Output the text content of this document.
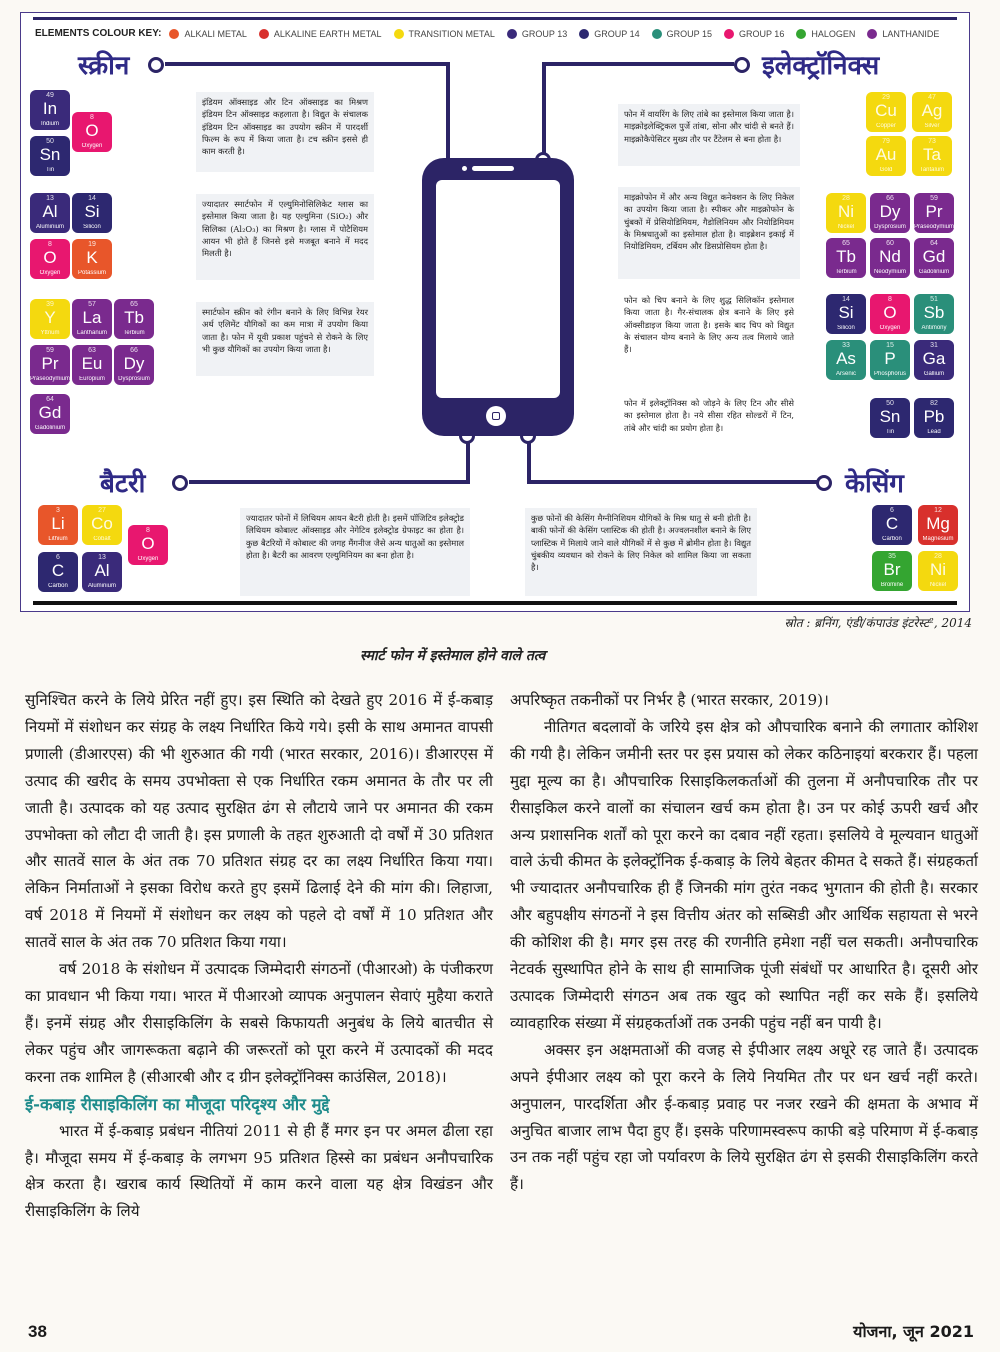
ELEMENTS COLOUR KEY:	ALKALI METAL	ALKALINE EARTH METAL	TRANSITION METAL	GROUP 13	GROUP 14	GROUP 15	GROUP 16	HALOGEN	LANTHANIDE
स्क्रीन	इलेक्ट्रॉनिक्स
बैटरी	केसिंग
इंडियम ऑक्साइड और टिन ऑक्साइड का मिश्रण इंडियम टिन ऑक्साइड कहलाता है। विद्युत के संचालक इंडियम टिन ऑक्साइड का उपयोग स्क्रीन में पारदर्शी फिल्म के रूप में किया जाता है। टच स्क्रीन इससे ही काम करती है।
ज्यादातर स्मार्टफोन में एल्युमिनोसिलिकेट ग्लास का इस्तेमाल किया जाता है। यह एल्युमिना (SiO₂) और सिलिका (Al₂O₃) का मिश्रण है। ग्लास में पोटैशियम आयन भी होते हैं जिनसे इसे मजबूत बनाने में मदद मिलती है।
स्मार्टफोन स्क्रीन को रंगीन बनाने के लिए विभिन्न रेयर अर्थ एलिमेंट यौगिकों का कम मात्रा में उपयोग किया जाता है। फोन में यूवी प्रकाश पहुंचने से रोकने के लिए भी कुछ यौगिकों का उपयोग किया जाता है।
फोन में वायरिंग के लिए तांबे का इस्तेमाल किया जाता है। माइक्रोइलेक्ट्रिकल पुर्जे तांबा, सोना और चांदी से बनते हैं। माइक्रोकैपेसिटर मुख्य तौर पर टैंटेलम से बना होता है।
माइक्रोफोन में और अन्य विद्युत कनेक्शन के लिए निकेल का उपयोग किया जाता है। स्पीकर और माइक्रोफोन के चुंबकों में प्रेसियोडिमियम, गैडोलिनियम और नियोडिमियम के मिश्रधातुओं का इस्तेमाल होता है। वाइब्रेशन इकाई में नियोडिमियम, टर्बियम और डिसप्रोसियम होता है।
फोन को चिप बनाने के लिए शुद्ध सिलिकॉन इस्तेमाल किया जाता है। गैर-संचालक क्षेत्र बनाने के लिए इसे ऑक्सीडाइज किया जाता है। इसके बाद चिप को विद्युत के संचालन योग्य बनाने के लिए अन्य तत्व मिलाये जाते हैं।
फोन में इलेक्ट्रॉनिक्स को जोड़ने के लिए टिन और सीसे का इस्तेमाल होता है। नये सीसा रहित सोल्डरों में टिन, तांबे और चांदी का प्रयोग होता है।
ज्यादातर फोनों में लिथियम आयन बैटरी होती है। इसमें पॉजिटिव इलेक्ट्रोड लिथियम कोबाल्ट ऑक्साइड और नेगेटिव इलेक्ट्रोड ग्रेफाइट का होता है। कुछ बैटरियों में कोबाल्ट की जगह मैंगनीज जैसे अन्य धातुओं का इस्तेमाल होता है। बैटरी का आवरण एल्युमिनियम का बना होता है।
कुछ फोनों की केसिंग मैग्नीनिशियम यौगिकों के मिश्र धातु से बनी होती है। बाकी फोनों की केसिंग प्लास्टिक की होती है। अज्वलनशील बनाने के लिए प्लास्टिक में मिलाये जाने वाले यौगिकों में से कुछ में ब्रोमीन होता है। विद्युत चुंबकीय व्यवधान को रोकने के लिए निकेल को शामिल किया जा सकता है।
49
In
Indium
50
Sn
Tin
8
O
Oxygen
13
Al
Aluminium
14
Si
Silicon
8
O
Oxygen
19
K
Potassium
39
Y
Yttrium
57
La
Lanthanum
65
Tb
Terbium
59
Pr
Praseodymium
63
Eu
Europium
66
Dy
Dysprosium
64
Gd
Gadolinium
29
Cu
Copper
47
Ag
Silver
79
Au
Gold
73
Ta
Tantalum
28
Ni
Nickel
66
Dy
Dysprosium
59
Pr
Praseodymium
65
Tb
Terbium
60
Nd
Neodymium
64
Gd
Gadolinium
14
Si
Silicon
8
O
Oxygen
51
Sb
Antimony
33
As
Arsenic
15
P
Phosphorus
31
Ga
Gallium
50
Sn
Tin
82
Pb
Lead
3
Li
Lithium
27
Co
Cobalt
8
O
Oxygen
6
C
Carbon
13
Al
Aluminium
6
C
Carbon
12
Mg
Magnesium
35
Br
Bromine
28
Ni
Nickel
स्रोत : ब्रनिंग, एंडी/कंपाउंड इंटरेस्ट², 2014
स्मार्ट फोन में इस्तेमाल होने वाले तत्व

सुनिश्चित करने के लिये प्रेरित नहीं हुए। इस स्थिति को देखते हुए 2016 में ई-कबाड़ नियमों में संशोधन कर संग्रह के लक्ष्य निर्धारित किये गये। इसी के साथ अमानत वापसी प्रणाली (डीआरएस) की भी शुरुआत की गयी (भारत सरकार, 2016)। डीआरएस में उत्पाद की खरीद के समय उपभोक्ता से एक निर्धारित रकम अमानत के तौर पर ली जाती है। उत्पादक को यह उत्पाद सुरक्षित ढंग से लौटाये जाने पर अमानत की रकम उपभोक्ता को लौटा दी जाती है। इस प्रणाली के तहत शुरुआती दो वर्षों में 30 प्रतिशत और सातवें साल के अंत तक 70 प्रतिशत संग्रह दर का लक्ष्य निर्धारित किया गया। लेकिन निर्माताओं ने इसका विरोध करते हुए इसमें ढिलाई देने की मांग की। लिहाजा, वर्ष 2018 में नियमों में संशोधन कर लक्ष्य को पहले दो वर्षों में 10 प्रतिशत और सातवें साल के अंत तक 70 प्रतिशत किया गया।

वर्ष 2018 के संशोधन में उत्पादक जिम्मेदारी संगठनों (पीआरओ) के पंजीकरण का प्रावधान भी किया गया। भारत में पीआरओ व्यापक अनुपालन सेवाएं मुहैया कराते हैं। इनमें संग्रह और रीसाइकिलिंग के सबसे किफायती अनुबंध के लिये बातचीत से लेकर पहुंच और जागरूकता बढ़ाने की जरूरतों को पूरा करने में उत्पादकों की मदद करना तक शामिल है (सीआरबी और द ग्रीन इलेक्ट्रॉनिक्स काउंसिल, 2018)।

ई-कबाड़ रीसाइकिलिंग का मौजूदा परिदृश्य और मुद्दे

भारत में ई-कबाड़ प्रबंधन नीतियां 2011 से ही हैं मगर इन पर अमल ढीला रहा है। मौजूदा समय में ई-कबाड़ के लगभग 95 प्रतिशत हिस्से का प्रबंधन अनौपचारिक क्षेत्र करता है। खराब कार्य स्थितियों में काम करने वाला यह क्षेत्र विखंडन और रीसाइकिलिंग के लिये

अपरिष्कृत तकनीकों पर निर्भर है (भारत सरकार, 2019)।

नीतिगत बदलावों के जरिये इस क्षेत्र को औपचारिक बनाने की लगातार कोशिश की गयी है। लेकिन जमीनी स्तर पर इस प्रयास को लेकर कठिनाइयां बरकरार हैं। पहला मुद्दा मूल्य का है। औपचारिक रिसाइकिलकर्ताओं की तुलना में अनौपचारिक तौर पर रीसाइकिल करने वालों का संचालन खर्च कम होता है। उन पर कोई ऊपरी खर्च और अन्य प्रशासनिक शर्तों को पूरा करने का दबाव नहीं रहता। इसलिये वे मूल्यवान धातुओं वाले ऊंची कीमत के इलेक्ट्रॉनिक ई-कबाड़ के लिये बेहतर कीमत दे सकते हैं। संग्रहकर्ता भी ज्यादातर अनौपचारिक ही हैं जिनकी मांग तुरंत नकद भुगतान की होती है। सरकार और बहुपक्षीय संगठनों ने इस वित्तीय अंतर को सब्सिडी और आर्थिक सहायता से भरने की कोशिश की है। मगर इस तरह की रणनीति हमेशा नहीं चल सकती। अनौपचारिक नेटवर्क सुस्थापित होने के साथ ही सामाजिक पूंजी संबंधों पर आधारित है। दूसरी ओर उत्पादक जिम्मेदारी संगठन अब तक खुद को स्थापित नहीं कर सके हैं। इसलिये व्यावहारिक संख्या में संग्रहकर्ताओं तक उनकी पहुंच नहीं बन पायी है।

अक्सर इन अक्षमताओं की वजह से ईपीआर लक्ष्य अधूरे रह जाते हैं। उत्पादक अपने ईपीआर लक्ष्य को पूरा करने के लिये नियमित तौर पर धन खर्च नहीं करते। अनुपालन, पारदर्शिता और ई-कबाड़ प्रवाह पर नजर रखने की क्षमता के अभाव में अनुचित बाजार लाभ पैदा हुए हैं। इसके परिणामस्वरूप काफी बड़े परिमाण में ई-कबाड़ उन तक नहीं पहुंच रहा जो पर्यावरण के लिये सुरक्षित ढंग से इसकी रीसाइकिलिंग करते हैं।

38	योजना, जून 2021
